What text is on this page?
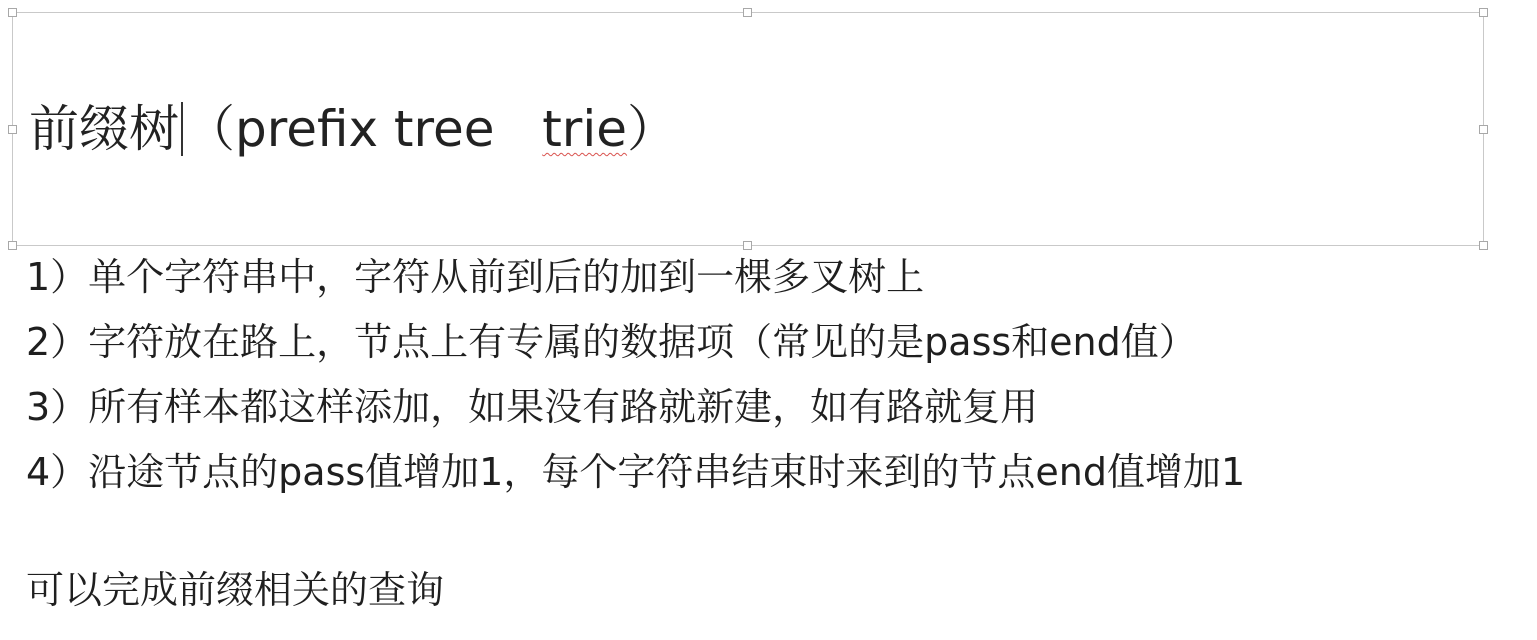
前缀树 （prefix tree   trie）
1）单个字符串中，字符从前到后的加到一棵多叉树上
2）字符放在路上，节点上有专属的数据项（常见的是pass和end值）
3）所有样本都这样添加，如果没有路就新建，如有路就复用
4）沿途节点的pass值增加1，每个字符串结束时来到的节点end值增加1
可以完成前缀相关的查询
